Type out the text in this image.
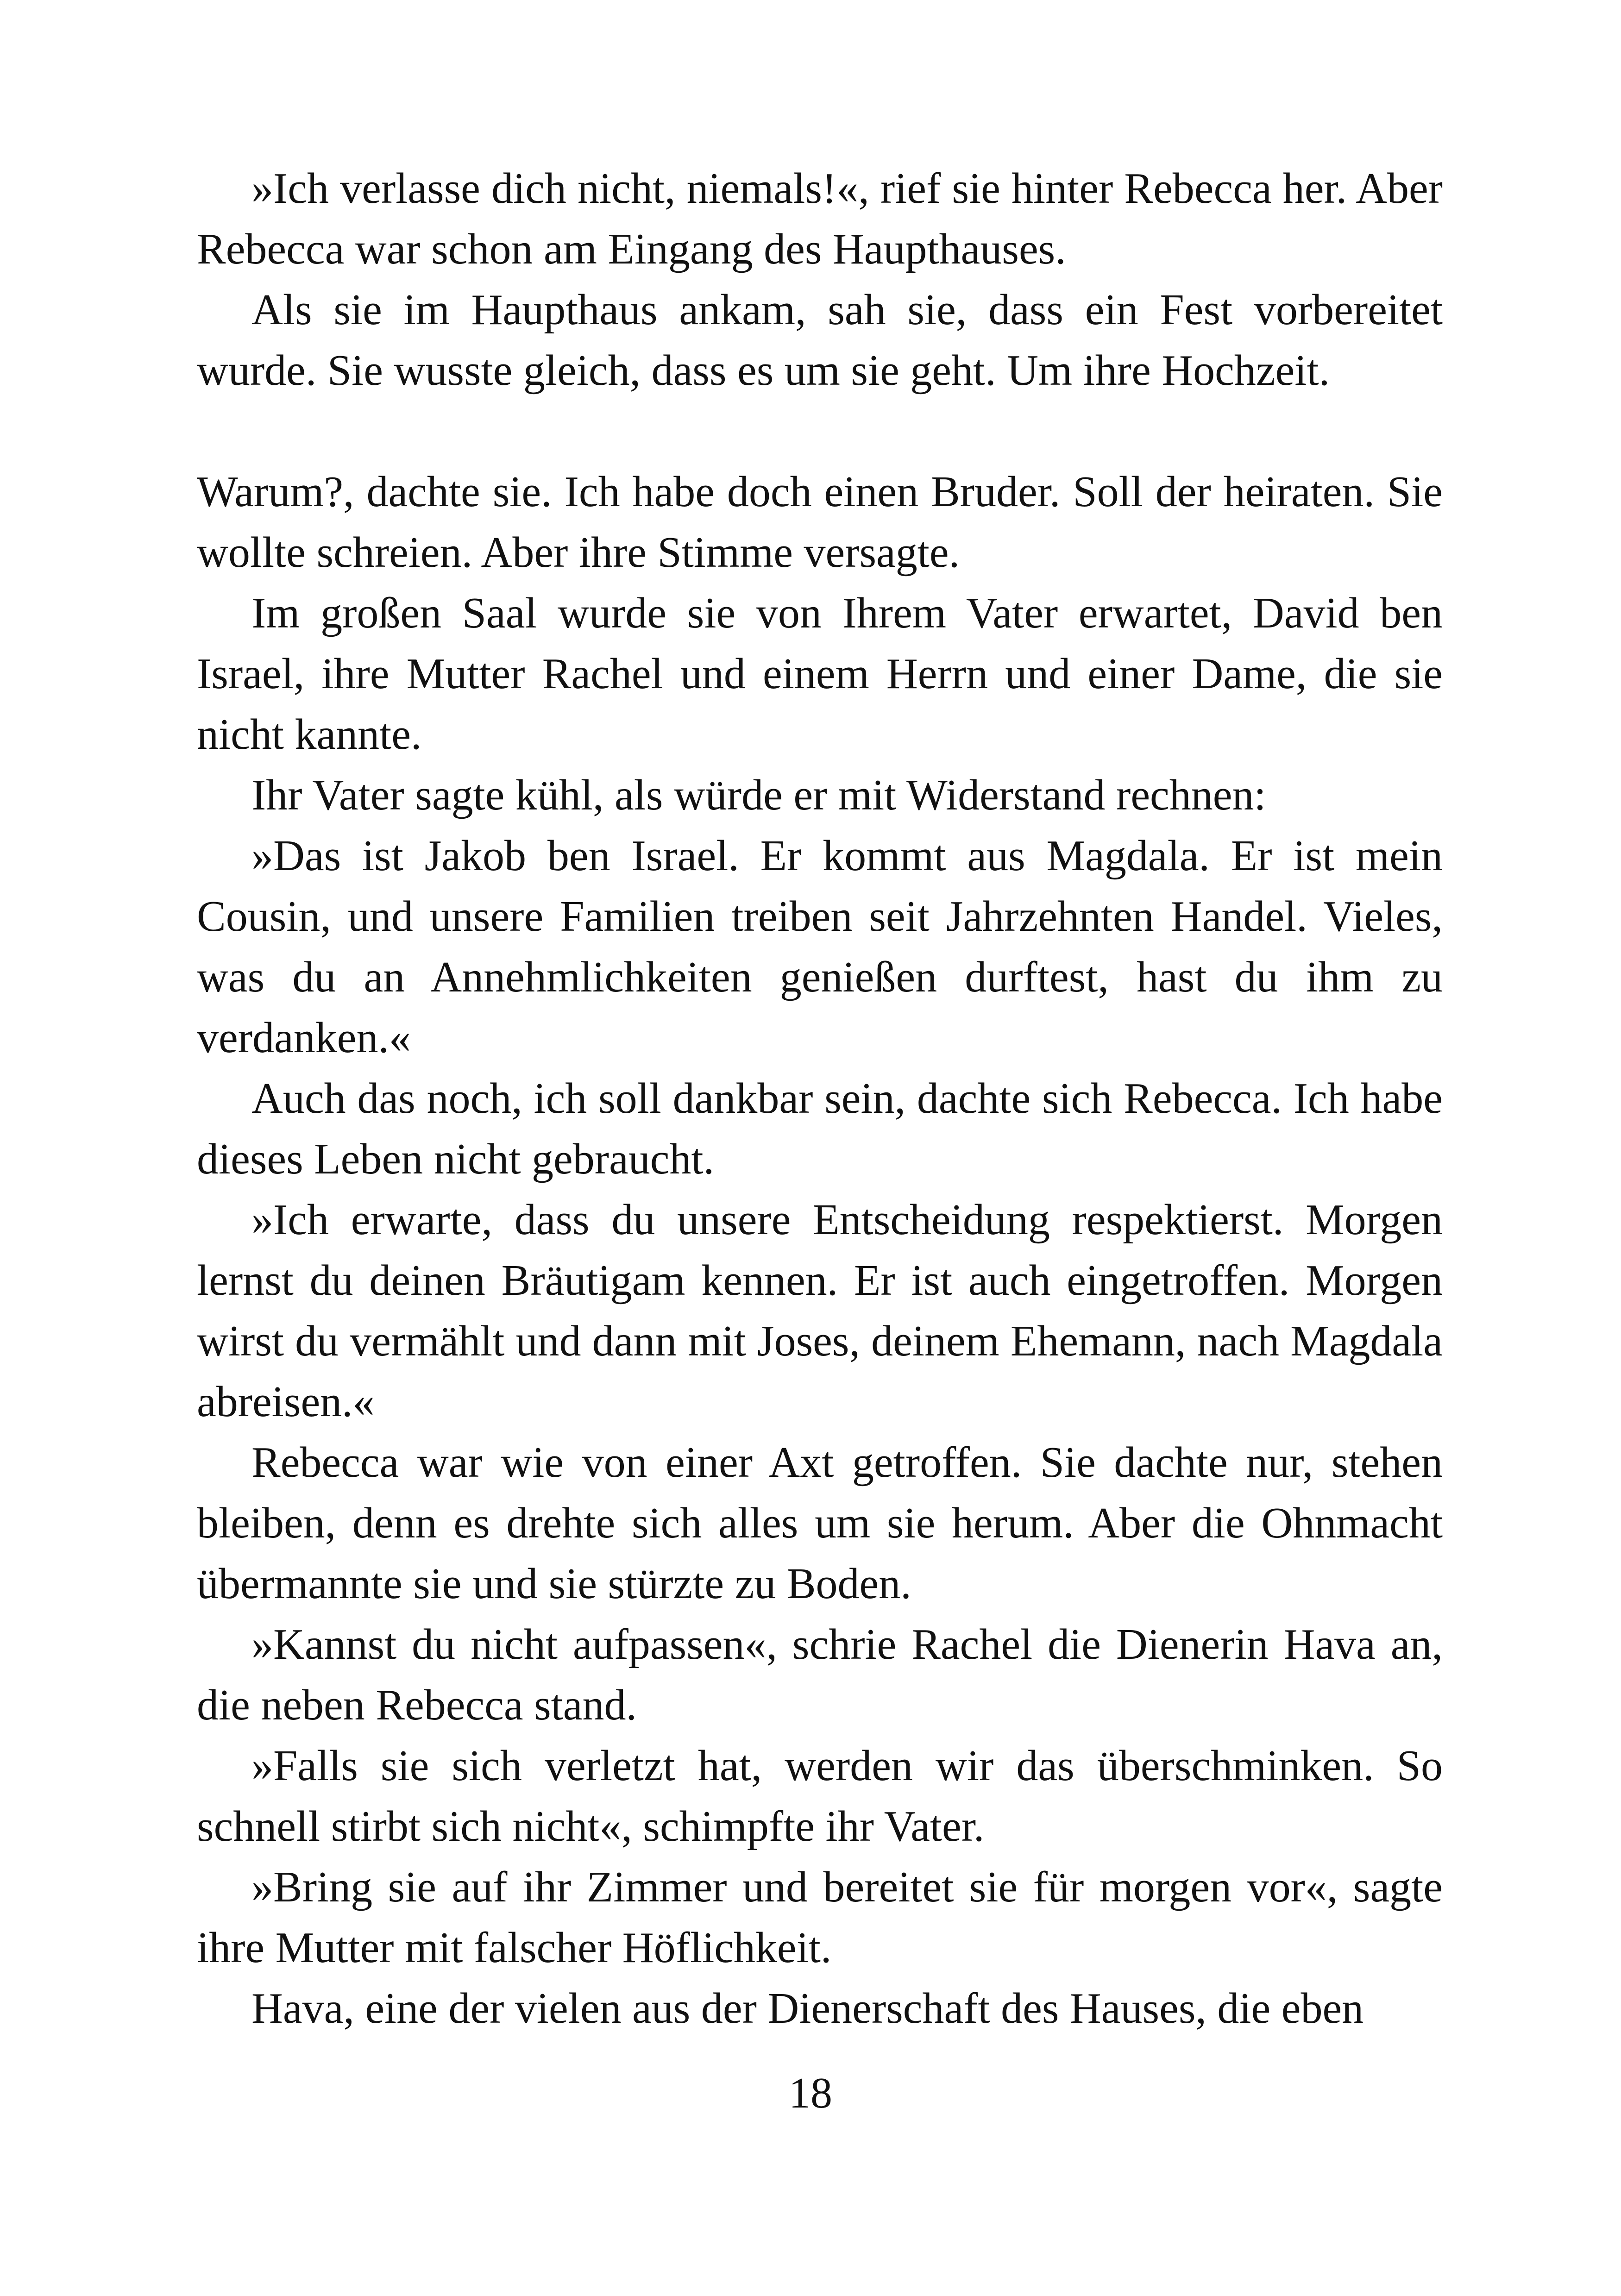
»Ich verlasse dich nicht, niemals!«, rief sie hinter Rebecca her. Aber Rebecca war schon am Eingang des Haupthauses.

Als sie im Haupthaus ankam, sah sie, dass ein Fest vorbereitet wurde. Sie wusste gleich, dass es um sie geht. Um ihre Hochzeit.

Warum?, dachte sie. Ich habe doch einen Bruder. Soll der heiraten. Sie wollte schreien. Aber ihre Stimme versagte.

Im großen Saal wurde sie von Ihrem Vater erwartet, David ben Israel, ihre Mutter Rachel und einem Herrn und einer Dame, die sie nicht kannte.

Ihr Vater sagte kühl, als würde er mit Widerstand rechnen:

»Das ist Jakob ben Israel. Er kommt aus Magdala. Er ist mein Cousin, und unsere Familien treiben seit Jahrzehnten Handel. Vieles, was du an Annehmlichkeiten genießen durftest, hast du ihm zu verdanken.«

Auch das noch, ich soll dankbar sein, dachte sich Rebecca. Ich habe dieses Leben nicht gebraucht.

»Ich erwarte, dass du unsere Entscheidung respektierst. Morgen lernst du deinen Bräutigam kennen. Er ist auch eingetroffen. Morgen wirst du vermählt und dann mit Joses, deinem Ehemann, nach Magdala abreisen.«

Rebecca war wie von einer Axt getroffen. Sie dachte nur, stehen bleiben, denn es drehte sich alles um sie herum. Aber die Ohnmacht übermannte sie und sie stürzte zu Boden.

»Kannst du nicht aufpassen«, schrie Rachel die Dienerin Hava an, die neben Rebecca stand.

»Falls sie sich verletzt hat, werden wir das überschminken. So schnell stirbt sich nicht«, schimpfte ihr Vater.

»Bring sie auf ihr Zimmer und bereitet sie für morgen vor«, sagte ihre Mutter mit falscher Höflichkeit.

Hava, eine der vielen aus der Dienerschaft des Hauses, die eben

18
